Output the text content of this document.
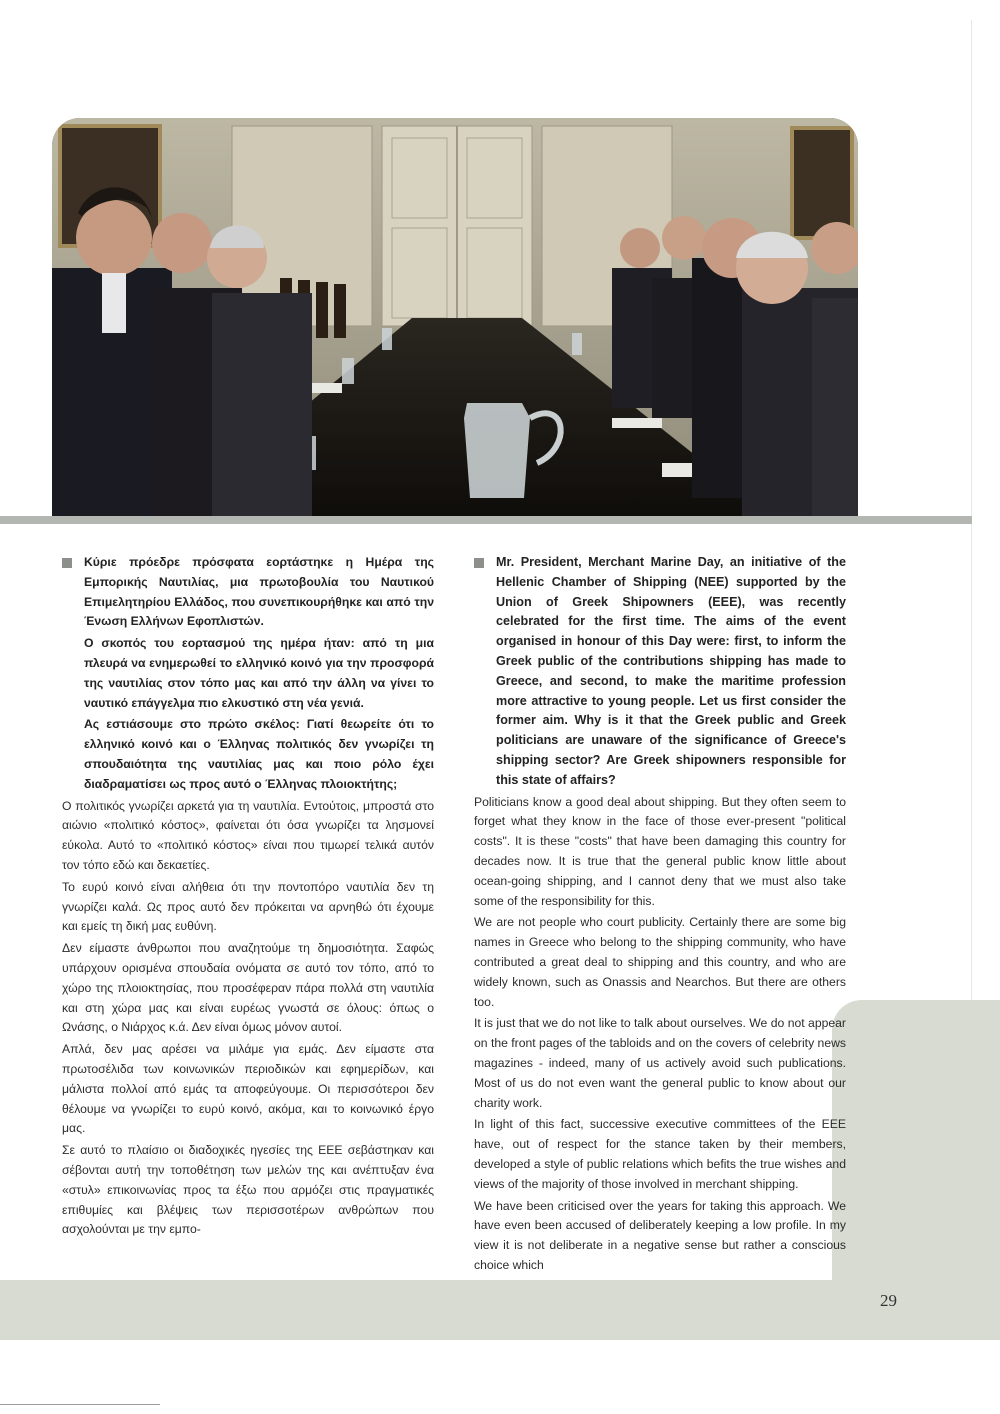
Κύριε πρόεδρε πρόσφατα εορτάστηκε η Ημέρα της Εμπορικής Ναυτιλίας, μια πρωτοβουλία του Ναυτικού Επιμελητηρίου Ελλάδος, που συνεπικουρήθηκε και από την Ένωση Ελλήνων Εφοπλιστών.

Ο σκοπός του εορτασμού της ημέρα ήταν: από τη μια πλευρά να ενημερωθεί το ελληνικό κοινό για την προσφορά της ναυτιλίας στον τόπο μας και από την άλλη να γίνει το ναυτικό επάγγελμα πιο ελκυστικό στη νέα γενιά.

Ας εστιάσουμε στο πρώτο σκέλος: Γιατί θεωρείτε ότι το ελληνικό κοινό και ο Έλληνας πολιτικός δεν γνωρίζει τη σπουδαιότητα της ναυτιλίας μας και ποιο ρόλο έχει διαδραματίσει ως προς αυτό ο Έλληνας πλοιοκτήτης;

Ο πολιτικός γνωρίζει αρκετά για τη ναυτιλία. Εντούτοις, μπροστά στο αιώνιο «πολιτικό κόστος», φαίνεται ότι όσα γνωρίζει τα λησμονεί εύκολα. Αυτό το «πολιτικό κόστος» είναι που τιμωρεί τελικά αυτόν τον τόπο εδώ και δεκαετίες.

Το ευρύ κοινό είναι αλήθεια ότι την ποντοπόρο ναυτιλία δεν τη γνωρίζει καλά. Ως προς αυτό δεν πρόκειται να αρνηθώ ότι έχουμε και εμείς τη δική μας ευθύνη.

Δεν είμαστε άνθρωποι που αναζητούμε τη δημοσιότητα. Σαφώς υπάρχουν ορισμένα σπουδαία ονόματα σε αυτό τον τόπο, από το χώρο της πλοιοκτησίας, που προσέφεραν πάρα πολλά στη ναυτιλία και στη χώρα μας και είναι ευρέως γνωστά σε όλους: όπως ο Ωνάσης, ο Νιάρχος κ.ά. Δεν είναι όμως μόνον αυτοί.

Απλά, δεν μας αρέσει να μιλάμε για εμάς. Δεν είμαστε στα πρωτοσέλιδα των κοινωνικών περιοδικών και εφημερίδων, και μάλιστα πολλοί από εμάς τα αποφεύγουμε. Οι περισσότεροι δεν θέλουμε να γνωρίζει το ευρύ κοινό, ακόμα, και το κοινωνικό έργο μας.

Σε αυτό το πλαίσιο οι διαδοχικές ηγεσίες της ΕΕΕ σεβάστηκαν και σέβονται αυτή την τοποθέτηση των μελών της και ανέπτυξαν ένα «στυλ» επικοινωνίας προς τα έξω που αρμόζει στις πραγματικές επιθυμίες και βλέψεις των περισσοτέρων ανθρώπων που ασχολούνται με την εμπο-

Mr. President, Merchant Marine Day, an initiative of the Hellenic Chamber of Shipping (NEE) supported by the Union of Greek Shipowners (EEE), was recently celebrated for the first time. The aims of the event organised in honour of this Day were: first, to inform the Greek public of the contributions shipping has made to Greece, and second, to make the maritime profession more attractive to young people. Let us first consider the former aim. Why is it that the Greek public and Greek politicians are unaware of the significance of Greece's shipping sector? Are Greek shipowners responsible for this state of affairs?

Politicians know a good deal about shipping. But they often seem to forget what they know in the face of those ever-present "political costs". It is these "costs" that have been damaging this country for decades now. It is true that the general public know little about ocean-going shipping, and I cannot deny that we must also take some of the responsibility for this.

We are not people who court publicity. Certainly there are some big names in Greece who belong to the shipping community, who have contributed a great deal to shipping and this country, and who are widely known, such as Onassis and Nearchos. But there are others too.

It is just that we do not like to talk about ourselves. We do not appear on the front pages of the tabloids and on the covers of celebrity news magazines - indeed, many of us actively avoid such publications. Most of us do not even want the general public to know about our charity work.

In light of this fact, successive executive committees of the EEE have, out of respect for the stance taken by their members, developed a style of public relations which befits the true wishes and views of the majority of those involved in merchant shipping.

We have been criticised over the years for taking this approach. We have even been accused of deliberately keeping a low profile. In my view it is not deliberate in a negative sense but rather a conscious choice which

29
